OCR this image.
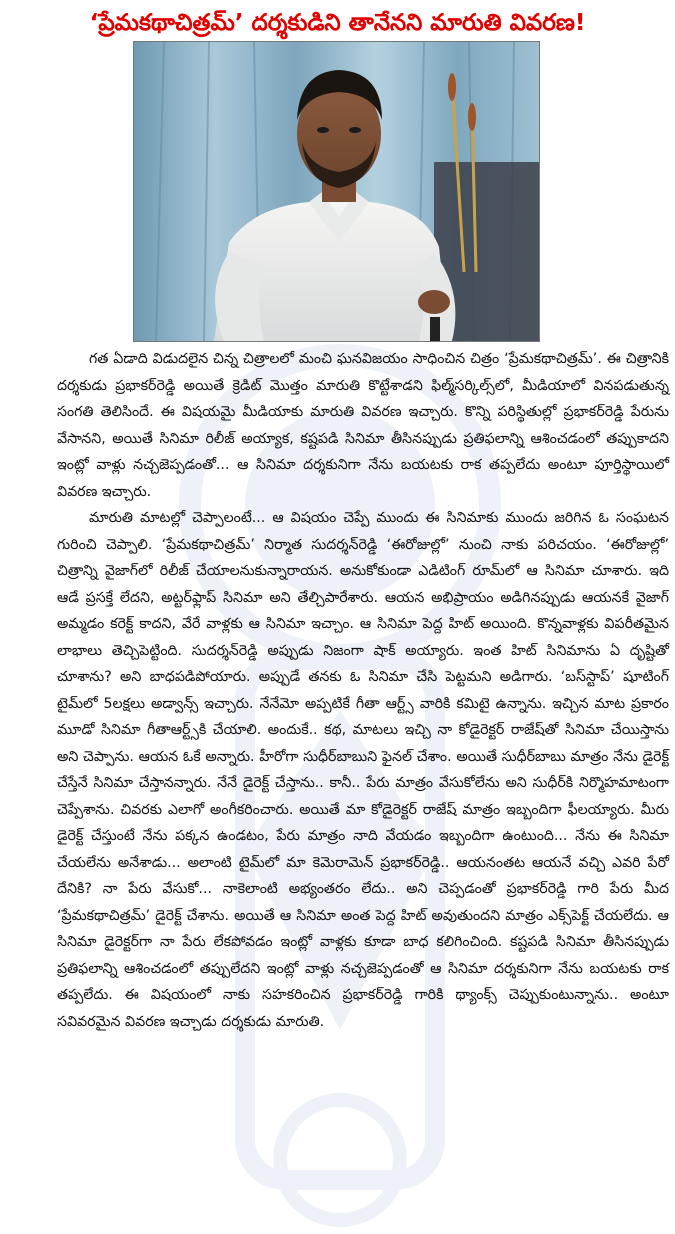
‘ప్రేమకథాచిత్రమ్’ దర్శకుడిని తానేనని మారుతి వివరణ!

గత ఏడాది విడుదలైన చిన్న చిత్రాలలో మంచి ఘనవిజయం సాధించిన చిత్రం ‘ప్రేమకథాచిత్రమ్’. ఈ చిత్రానికి దర్శకుడు ప్రభాకర్‌రెడ్డి అయితే క్రెడిట్ మొత్తం మారుతి కొట్టేశాడని ఫిల్మ్‌సర్కిల్స్‌లో, మీడియాలో వినపడుతున్న సంగతి తెలిసిందే. ఈ విషయమై మీడియాకు మారుతి వివరణ ఇచ్చారు. కొన్ని పరిస్థితుల్లో ప్రభాకర్‌రెడ్డి పేరును వేసానని, అయితే సినిమా రిలీజ్ అయ్యాక, కష్టపడి సినిమా తీసినప్పుడు ప్రతిఫలాన్ని ఆశించడంలో తప్పుకాదని ఇంట్లో వాళ్లు నచ్చజెప్పడంతో... ఆ సినిమా దర్శకునిగా నేను బయటకు రాక తప్పలేదు అంటూ పూర్తిస్థాయిలో వివరణ ఇచ్చారు.

మారుతి మాటల్లో చెప్పాలంటే... ఆ విషయం చెప్పే ముందు ఈ సినిమాకు ముందు జరిగిన ఓ సంఘటన గురించి చెప్పాలి. ‘ప్రేమకథాచిత్రమ్’ నిర్మాత సుదర్శన్‌రెడ్డి ‘ఈరోజుల్లో’ నుంచి నాకు పరిచయం. ‘ఈరోజుల్లో’ చిత్రాన్ని వైజాగ్‌లో రిలీజ్ చేయాలనుకున్నారాయన. అనుకోకుండా ఎడిటింగ్ రూమ్‌లో ఆ సినిమా చూశారు. ఇది ఆడే ప్రసక్తే లేదని, అట్టర్‌ఫ్లాప్ సినిమా అని తేల్చిపారేశారు. ఆయన అభిప్రాయం అడిగినప్పుడు ఆయనకే వైజాగ్ అమ్మడం కరెక్ట్ కాదని, వేరే వాళ్లకు ఆ సినిమా ఇచ్చాం. ఆ సినిమా పెద్ద హిట్ అయింది. కొన్నవాళ్లకు విపరీతమైన లాభాలు తెచ్చిపెట్టింది. సుదర్శన్‌రెడ్డి అప్పుడు నిజంగా షాక్ అయ్యారు. ఇంత హిట్ సినిమాను ఏ దృష్టితో చూశాను? అని బాధపడిపోయారు. అప్పుడే తనకు ఓ సినిమా చేసి పెట్టమని అడిగారు. ‘బస్‌స్టాప్’ షూటింగ్ టైమ్‌లో 5లక్షలు అడ్వాన్స్ ఇచ్చారు. నేనేమో అప్పటికే గీతా ఆర్ట్స్ వారికి కమిటై ఉన్నాను. ఇచ్చిన మాట ప్రకారం మూడో సినిమా గీతాఆర్ట్స్‌కి చేయాలి. అందుకే.. కథ, మాటలు ఇచ్చి నా కోడైరెక్టర్ రాజేష్‌తో సినిమా చేయిస్తాను అని చెప్పాను. ఆయన ఓకే అన్నారు. హీరోగా సుధీర్‌బాబుని ఫైనల్ చేశాం. అయితే సుధీర్‌బాబు మాత్రం నేను డైరెక్ట్ చేస్తేనే సినిమా చేస్తానన్నారు. నేనే డైరెక్ట్ చేస్తాను.. కానీ.. పేరు మాత్రం వేసుకోలేను అని సుధీర్‌కి నిర్మొహమాటంగా చెప్పేశాను. చివరకు ఎలాగో అంగీకరించారు. అయితే మా కోడైరెక్టర్ రాజేష్ మాత్రం ఇబ్బందిగా ఫీలయ్యారు. మీరు డైరెక్ట్ చేస్తుంటే నేను పక్కన ఉండటం, పేరు మాత్రం నాది వేయడం ఇబ్బందిగా ఉంటుంది... నేను ఈ సినిమా చేయలేను అనేశాడు... అలాంటి టైమ్‌లో మా కెమెరామెన్ ప్రభాకర్‌రెడ్డి.. ఆయనంతట ఆయనే వచ్చి ఎవరి పేరో దేనికి? నా పేరు వేసుకో... నాకెలాంటి అభ్యంతరం లేదు.. అని చెప్పడంతో ప్రభాకర్‌రెడ్డి గారి పేరు మీద ‘ప్రేమకథాచిత్రమ్’ డైరెక్ట్ చేశాను. అయితే ఆ సినిమా అంత పెద్ద హిట్ అవుతుందని మాత్రం ఎక్స్‌పెక్ట్ చేయలేదు. ఆ సినిమా డైరెక్టర్‌గా నా పేరు లేకపోవడం ఇంట్లో వాళ్లకు కూడా బాధ కలిగించింది. కష్టపడి సినిమా తీసినప్పుడు ప్రతిఫలాన్ని ఆశించడంలో తప్పులేదని ఇంట్లో వాళ్లు నచ్చజెప్పడంతో ఆ సినిమా దర్శకునిగా నేను బయటకు రాక తప్పలేదు. ఈ విషయంలో నాకు సహకరించిన ప్రభాకర్‌రెడ్డి గారికి థ్యాంక్స్ చెప్పుకుంటున్నాను.. అంటూ సవివరమైన వివరణ ఇచ్చాడు దర్శకుడు మారుతి.
